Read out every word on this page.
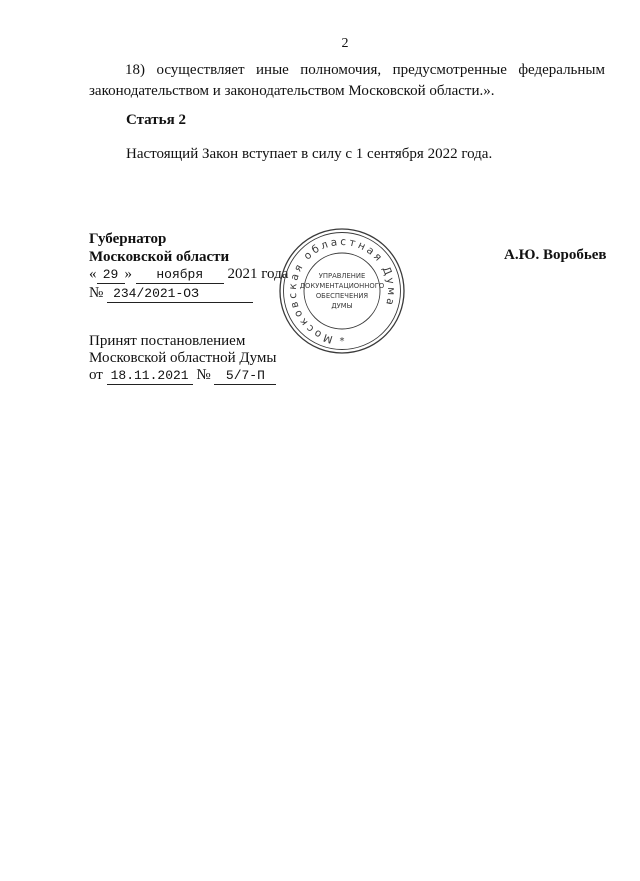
2
18) осуществляет иные полномочия, предусмотренные федеральным
законодательством и законодательством Московской области.».
Статья 2
Настоящий Закон вступает в силу с 1 сентября 2022 года.
Губернатор
Московской области	А.Ю. Воробьев
« 29 » ноября 2021 года
№ 234/2021-ОЗ
Принят постановлением
Московской областной Думы
от 18.11.2021 № 5/7-П
Московская областная Дума
УПРАВЛЕНИЕ
ДОКУМЕНТАЦИОННОГО
ОБЕСПЕЧЕНИЯ
ДУМЫ
*
